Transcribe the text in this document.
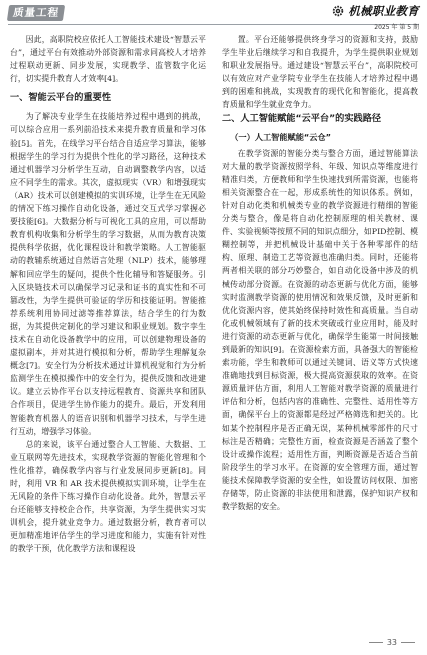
质量工程	机械职业教育
2025 年 第 5 期

因此，高职院校应依托人工智能技术建设“智慧云平台”，通过平台有效推动外部资源和需求同高校人才培养过程联动更新、同步发展，实现教学、监管数字化运行，切实提升教育人才效率[4]。

一、智能云平台的重要性

为了解决专业学生在技能培养过程中遇到的挑战，可以综合应用一系列前沿技术来提升教育质量和学习体验[5]。首先，在线学习平台结合自适应学习算法，能够根据学生的学习行为提供个性化的学习路径，这种技术通过机器学习分析学生互动，自动调整教学内容，以适应不同学生的需求。其次，虚拟现实（VR）和增强现实（AR）技术可以创建模拟的实训环境，让学生在无风险的情况下练习操作自动化设备，通过交互式学习掌握必要技能[6]。大数据分析与可视化工具的应用，可以帮助教育机构收集和分析学生的学习数据，从而为教育决策提供科学依据，优化课程设计和教学策略。人工智能驱动的教辅系统通过自然语言处理（NLP）技术，能够理解和回应学生的疑问，提供个性化辅导和答疑服务。引入区块链技术可以确保学习记录和证书的真实性和不可篡改性，为学生提供可验证的学历和技能证明。智能推荐系统利用协同过滤等推荐算法，结合学生的行为数据，为其提供定制化的学习建议和职业规划。数字孪生技术在自动化设备教学中的应用，可以创建物理设备的虚拟副本，并对其进行模拟和分析，帮助学生理解复杂概念[7]。安全行为分析技术通过计算机视觉和行为分析监测学生在模拟操作中的安全行为，提供反馈和改进建议。建立云协作平台以支持远程教育、资源共享和团队合作项目，促进学生协作能力的提升。最后，开发利用智能教育机器人的语音识别和机器学习技术，与学生进行互动，增强学习体验。

总的来说，该平台通过整合人工智能、大数据、工业互联网等先进技术，实现教学资源的智能化管理和个性化推荐，确保教学内容与行业发展同步更新[8]。同时，利用 VR 和 AR 技术提供模拟实训环境，让学生在无风险的条件下练习操作自动化设备。此外，智慧云平台还能够支持校企合作，共享资源，为学生提供实习实训机会，提升就业竞争力。通过数据分析，教育者可以更加精准地评估学生的学习进度和能力，实施有针对性的教学干预，优化教学方法和课程设

置。平台还能够提供终身学习的资源和支持，鼓励学生毕业后继续学习和自我提升，为学生提供职业规划和职业发展指导。通过建设“智慧云平台”，高职院校可以有效应对产业学院专业学生在技能人才培养过程中遇到的困难和挑战，实现教育的现代化和智能化，提高教育质量和学生就业竞争力。

二、人工智能赋能“云平台”的实践路径
（一）人工智能赋能“云仓”

在教学资源的智能分类与整合方面，通过智能算法对大量的教学资源按照学科、年级、知识点等维度进行精准归类，方便教师和学生快速找到所需资源，也能将相关资源整合在一起，形成系统性的知识体系。例如，针对自动化类和机械类专业的教学资源进行精细的智能分类与整合，像是将自动化控制原理的相关教材、课件、实验视频等按照不同的知识点细分，如PID控制、模糊控制等，并把机械设计基础中关于各种零部件的结构、原理、制造工艺等资源也准确归类。同时，还能将两者相关联的部分巧妙整合，如自动化设备中涉及的机械传动部分资源。在资源的动态更新与优化方面，能够实时监测教学资源的使用情况和效果反馈，及时更新和优化资源内容，使其始终保持时效性和高质量。当自动化或机械领域有了新的技术突破或行业应用时，能及时进行资源的动态更新与优化，确保学生能第一时间接触到最新的知识[9]。在资源检索方面，具备强大的智能检索功能，学生和教师可以通过关键词、语义等方式快速准确地找到目标资源，极大提高资源获取的效率。在资源质量评估方面，利用人工智能对教学资源的质量进行评估和分析，包括内容的准确性、完整性、适用性等方面，确保平台上的资源都是经过严格筛选和把关的。比如某个控制程序是否正确无误，某种机械零部件的尺寸标注是否精确；完整性方面，检查资源是否涵盖了整个设计或操作流程；适用性方面，判断资源是否适合当前阶段学生的学习水平。在资源的安全管理方面，通过智能技术保障教学资源的安全性，如设置访问权限、加密存储等，防止资源的非法使用和泄露，保护知识产权和教学数据的安全。

33
